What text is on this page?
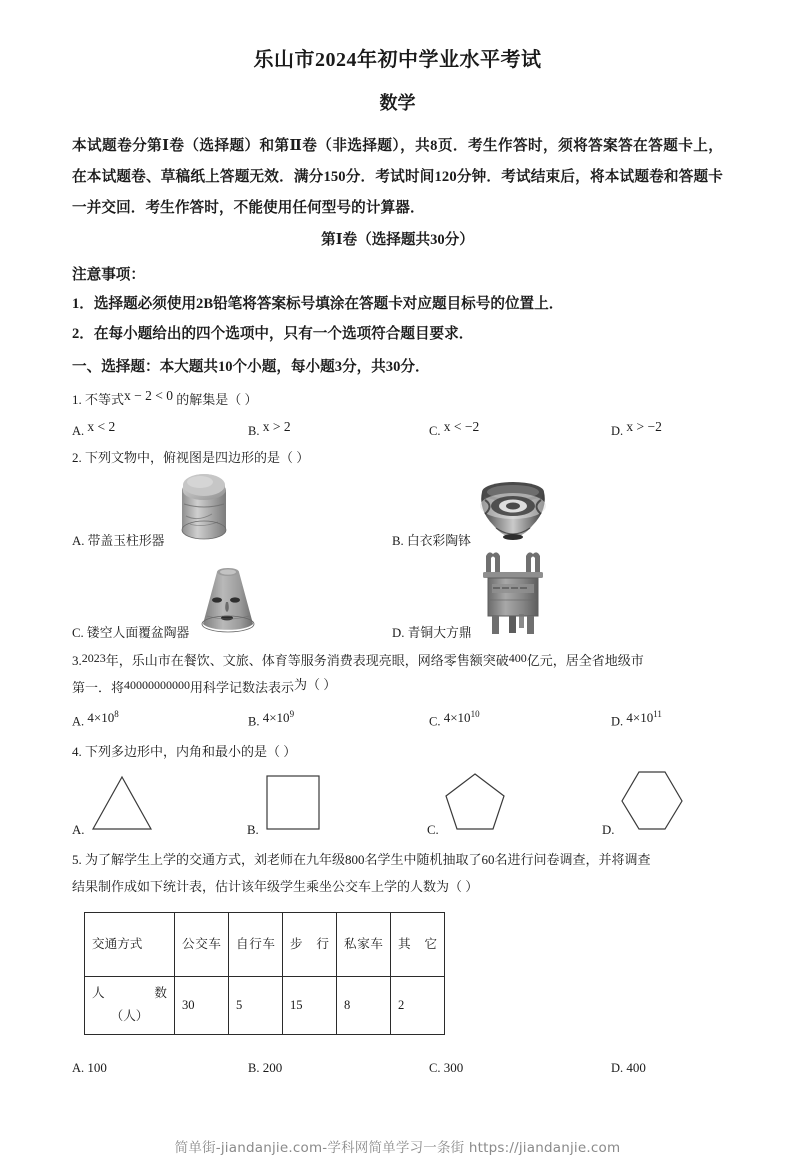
乐山市2024年初中学业水平考试
数学
本试题卷分第Ⅰ卷（选择题）和第Ⅱ卷（非选择题），共8页．考生作答时，须将答案答在答题卡上，在本试题卷、草稿纸上答题无效．满分150分．考试时间120分钟．考试结束后，将本试题卷和答题卡一并交回．考生作答时，不能使用任何型号的计算器．
第Ⅰ卷（选择题共30分）
注意事项：
1．选择题必须使用2B铅笔将答案标号填涂在答题卡对应题目标号的位置上．
2．在每小题给出的四个选项中，只有一个选项符合题目要求．
一、选择题：本大题共10个小题，每小题3分，共30分．
1. 不等式x − 2 < 0 的解集是（ ）
A. x < 2	B. x > 2	C. x < −2	D. x > −2
2. 下列文物中，俯视图是四边形的是（ ）
A. 带盖玉柱形器	B. 白衣彩陶钵
C. 镂空人面覆盆陶器	D. 青铜大方鼎
3.2023年，乐山市在餐饮、文旅、体育等服务消费表现亮眼，网络零售额突破400亿元，居全省地级市
第一．将40000000000用科学记数法表示为（ ）
A. $4\times 10^8$
B. $4\times 10^9$
C. $4\times 10^{10}$
D. $4\times 10^{11}$
4. 下列多边形中，内角和最小的是（ ）
A.	B.	C.	D.
5. 为了解学生上学的交通方式，刘老师在九年级800名学生中随机抽取了60名进行问卷调查，并将调查
结果制作成如下统计表，估计该年级学生乘坐公交车上学的人数为（ ）
交通方式	公交车	自行车	步行	私家车	其它

人 数
（人）	30	5	15	8	2
A. 100	B. 200	C. 300	D. 400
简单街-jiandanjie.com-学科网简单学习一条街 https://jiandanjie.com
